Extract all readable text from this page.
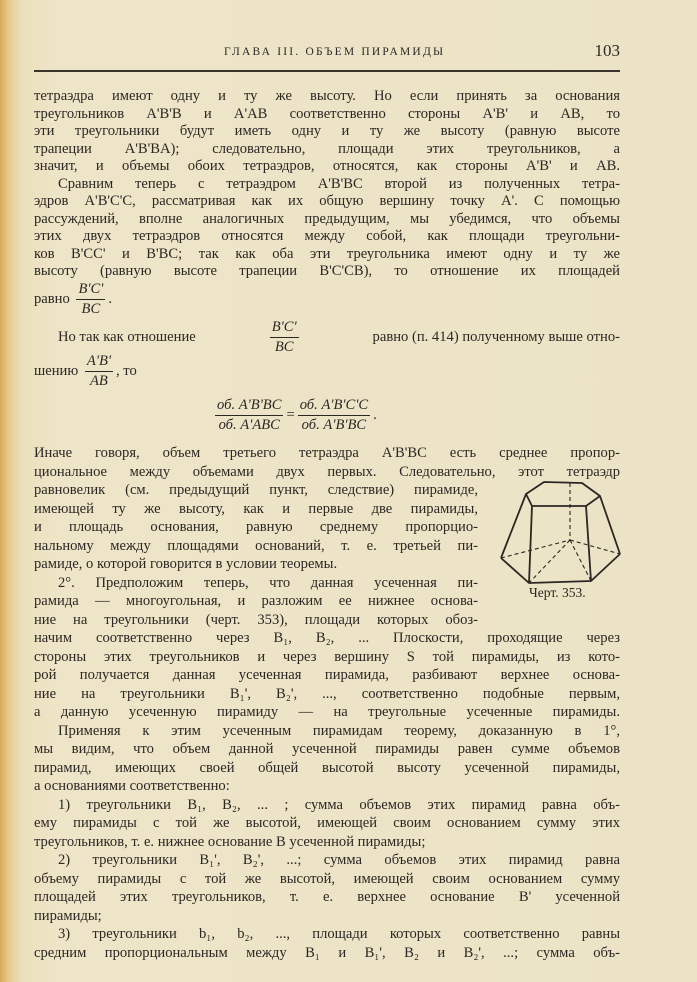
ГЛАВА III. ОБЪЕМ ПИРАМИДЫ	103
тетраэдра имеют одну и ту же высоту. Но если принять за основания
треугольников A'B'B и A'AB соответственно стороны A'B' и AB, то
эти треугольники будут иметь одну и ту же высоту (равную высоте
трапеции A'B'BA); следовательно, площади этих треугольников, а
значит, и объемы обоих тетраэдров, относятся, как стороны A'B' и AB.
Сравним теперь с тетраэдром A'B'BC второй из полученных тетра-
эдров A'B'C'C, рассматривая как их общую вершину точку A'. С помощью
рассуждений, вполне аналогичных предыдущим, мы убедимся, что объемы
этих двух тетраэдров относятся между собой, как площади треугольни-
ков B'CC' и B'BC; так как оба эти треугольника имеют одну и ту же
высоту (равную высоте трапеции B'C'CB), то отношение их площадей
равно $\frac{B'C'}{BC}$ .
Но так как отношение	$\frac{B'C'}{BC}$	равно (п. 414) полученному выше отно-
шению $\frac{A'B'}{AB}$ , то
$\frac{об. A'B'BC}{\text{об. A'ABC}} = \frac{об. A'B'C'C}{об. A'B'BC}$ .
Иначе говоря, объем третьего тетраэдра A'B'BC есть среднее пропор-
циональное между объемами двух первых. Следовательно, этот тетраэдр
равновелик (см. предыдущий пункт, следствие) пирамиде,
имеющей ту же высоту, как и первые две пирамиды,
и площадь основания, равную среднему пропорцио-
нальному между площадями оснований, т. е. третьей пи-
рамиде, о которой говорится в условии теоремы.
2°. Предположим теперь, что данная усеченная пи-
рамида — многоугольная, и разложим ее нижнее основа-
ние на треугольники (черт. 353), площади которых обоз-
начим соответственно через B₁, B₂, ... Плоскости, проходящие через
стороны этих треугольников и через вершину S той пирамиды, из кото-
рой получается данная усеченная пирамида, разбивают верхнее основа-
ние на треугольники B₁', B₂', ..., соответственно подобные первым,
а данную усеченную пирамиду — на треугольные усеченные пирамиды.
Применяя к этим усеченным пирамидам теорему, доказанную в 1°,
мы видим, что объем данной усеченной пирамиды равен сумме объемов
пирамид, имеющих своей общей высотой высоту усеченной пирамиды,
а основаниями соответственно:
1) треугольники B₁, B₂, ... ; сумма объемов этих пирамид равна объ-
ему пирамиды с той же высотой, имеющей своим основанием сумму этих
треугольников, т. е. нижнее основание B усеченной пирамиды;
2) треугольники B₁', B₂', ...; сумма объемов этих пирамид равна
объему пирамиды с той же высотой, имеющей своим основанием сумму
площадей этих треугольников, т. е. верхнее основание B' усеченной
пирамиды;
3) треугольники b₁, b₂, ..., площади которых соответственно равны
средним пропорциональным между B₁ и B₁', B₂ и B₂', ...; сумма объ-
Черт. 353.
